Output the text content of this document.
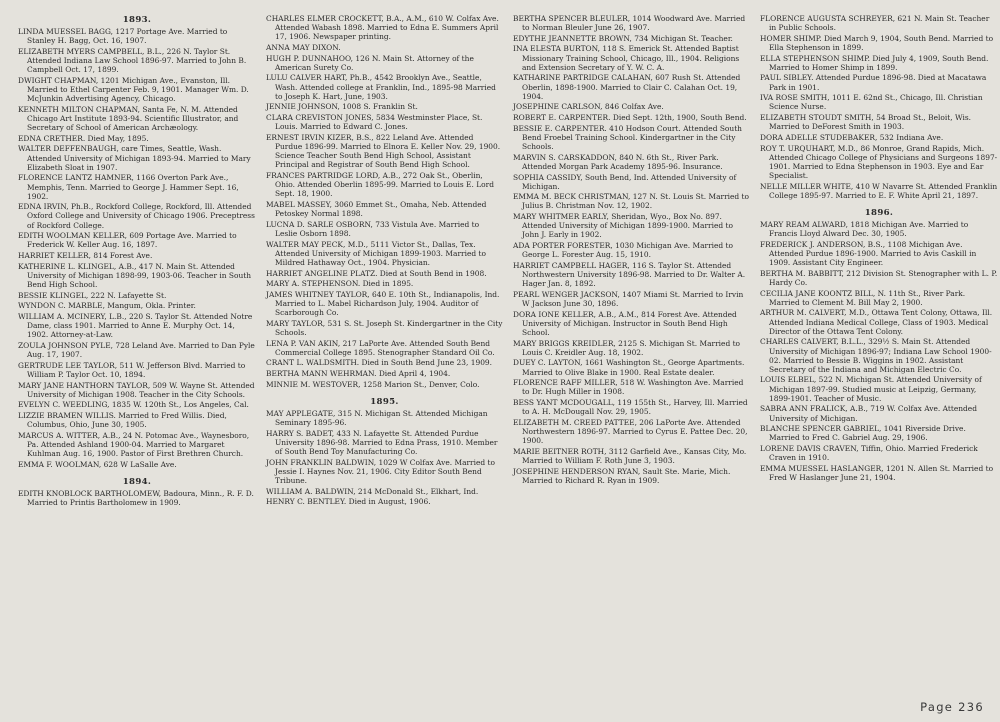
1893.

LINDA MUESSEL BAGG, 1217 Portage Ave. Married to Stanley H. Bagg, Oct. 16, 1907.

ELIZABETH MYERS CAMPBELL, B.L., 226 N. Taylor St. Attended Indiana Law School 1896-97. Married to John B. Campbell Oct. 17, 1899.

DWIGHT CHAPMAN, 1201 Michigan Ave., Evanston, Ill. Married to Ethel Carpenter Feb. 9, 1901. Manager Wm. D. McJunkin Advertising Agency, Chicago.

KENNETH MILTON CHAPMAN, Santa Fe, N. M. Attended Chicago Art Institute 1893-94. Scientific Illustrator, and Secretary of School of American Archæology.

EDNA CRETHER. Died May, 1895.

WALTER DEFFENBAUGH, care Times, Seattle, Wash. Attended University of Michigan 1893-94. Married to Mary Elizabeth Sloat in 1907.

FLORENCE LANTZ HAMNER, 1166 Overton Park Ave., Memphis, Tenn. Married to George J. Hammer Sept. 16, 1902.

EDNA IRVIN, Ph.B., Rockford College, Rockford, Ill. Attended Oxford College and University of Chicago 1906. Preceptress of Rockford College.

EDITH WOOLMAN KELLER, 609 Portage Ave. Married to Frederick W. Keller Aug. 16, 1897.

HARRIET KELLER, 814 Forest Ave.

KATHERINE L. KLINGEL, A.B., 417 N. Main St. Attended University of Michigan 1898-99, 1903-06. Teacher in South Bend High School.

BESSIE KLINGEL, 222 N. Lafayette St.

WYNDON C. MARBLE, Mangum, Okla. Printer.

WILLIAM A. MCINERY, L.B., 220 S. Taylor St. Attended Notre Dame, class 1901. Married to Anne E. Murphy Oct. 14, 1902. Attorney-at-Law.

ZOULA JOHNSON PYLE, 728 Leland Ave. Married to Dan Pyle Aug. 17, 1907.

GERTRUDE LEE TAYLOR, 511 W. Jefferson Blvd. Married to William P. Taylor Oct. 10, 1894.

MARY JANE HANTHORN TAYLOR, 509 W. Wayne St. Attended University of Michigan 1908. Teacher in the City Schools.

EVELYN C. WEEDLING, 1835 W. 120th St., Los Angeles, Cal.

LIZZIE BRAMEN WILLIS. Married to Fred Willis. Died, Columbus, Ohio, June 30, 1905.

MARCUS A. WITTER, A.B., 24 N. Potomac Ave., Waynesboro, Pa. Attended Ashland 1900-04. Married to Margaret Kuhlman Aug. 16, 1900. Pastor of First Brethren Church.

EMMA F. WOOLMAN, 628 W LaSalle Ave.

1894.

EDITH KNOBLOCK BARTHOLOMEW, Badoura, Minn., R. F. D. Married to Printis Bartholomew in 1909.

CHARLES ELMER CROCKETT, B.A., A.M., 610 W. Colfax Ave. Attended Wabash 1898. Married to Edna E. Summers April 17, 1906. Newspaper printing.

ANNA MAY DIXON.

HUGH P. DUNNAHOO, 126 N. Main St. Attorney of the American Surety Co.

LULU CALVER HART, Ph.B., 4542 Brooklyn Ave., Seattle, Wash. Attended college at Franklin, Ind., 1895-98 Married to Joseph K. Hart, June, 1903.

JENNIE JOHNSON, 1008 S. Franklin St.

CLARA CREVISTON JONES, 5834 Westminster Place, St. Louis. Married to Edward C. Jones.

ERNEST IRVIN KIZER, B.S., 822 Leland Ave. Attended Purdue 1896-99. Married to Elnora E. Keller Nov. 29, 1900. Science Teacher South Bend High School, Assistant Principal and Registrar of South Bend High School.

FRANCES PARTRIDGE LORD, A.B., 272 Oak St., Oberlin, Ohio. Attended Oberlin 1895-99. Married to Louis E. Lord Sept. 18, 1900.

MABEL MASSEY, 3060 Emmet St., Omaha, Neb. Attended Petoskey Normal 1898.

LUCNA D. SARLE OSBORN, 733 Vistula Ave. Married to Leslie Osborn 1898.

WALTER MAY PECK, M.D., 5111 Victor St., Dallas, Tex. Attended University of Michigan 1899-1903. Married to Mildred Hathaway Oct., 1904. Physician.

HARRIET ANGELINE PLATZ. Died at South Bend in 1908.

MARY A. STEPHENSON. Died in 1895.

JAMES WHITNEY TAYLOR, 640 E. 10th St., Indianapolis, Ind. Married to L. Mabel Richardson July, 1904. Auditor of Scarborough Co.

MARY TAYLOR, 531 S. St. Joseph St. Kindergartner in the City Schools.

LENA P. VAN AKIN, 217 LaPorte Ave. Attended South Bend Commercial College 1895. Stenographer Standard Oil Co.

CRANT L. WALDSMITH. Died in South Bend June 23, 1909.

BERTHA MANN WEHRMAN. Died April 4, 1904.

MINNIE M. WESTOVER, 1258 Marion St., Denver, Colo.

1895.

MAY APPLEGATE, 315 N. Michigan St. Attended Michigan Seminary 1895-96.

HARRY S. BADET, 433 N. Lafayette St. Attended Purdue University 1896-98. Married to Edna Prass, 1910. Member of South Bend Toy Manufacturing Co.

JOHN FRANKLIN BALDWIN, 1029 W Colfax Ave. Married to Jessie I. Haynes Nov. 21, 1906. City Editor South Bend Tribune.

WILLIAM A. BALDWIN, 214 McDonald St., Elkhart, Ind.

HENRY C. BENTLEY. Died in August, 1906.

BERTHA SPENCER BLEULER, 1014 Woodward Ave. Married to Norman Bleuler June 26, 1907.

EDYTHE JEANNETTE BROWN, 734 Michigan St. Teacher.

INA ELESTA BURTON, 118 S. Emerick St. Attended Baptist Missionary Training School, Chicago, Ill., 1904. Religions and Extension Secretary of Y. W. C. A.

KATHARINE PARTRIDGE CALAHAN, 607 Rush St. Attended Oberlin, 1898-1900. Married to Clair C. Calahan Oct. 19, 1904.

JOSEPHINE CARLSON, 846 Colfax Ave.

ROBERT E. CARPENTER. Died Sept. 12th, 1900, South Bend.

BESSIE E. CARPENTER. 410 Hodson Court. Attended South Bend Froebel Training School. Kindergartner in the City Schools.

MARVIN S. CARSKADDON, 840 N. 6th St., River Park. Attended Morgan Park Academy 1895-96. Insurance.

SOPHIA CASSIDY, South Bend, Ind. Attended University of Michigan.

EMMA M. BECK CHRISTMAN, 127 N. St. Louis St. Married to Julius B. Christman Nov. 12, 1902.

MARY WHITMER EARLY, Sheridan, Wyo., Box No. 897. Attended University of Michigan 1899-1900. Married to John J. Early in 1902.

ADA PORTER FORESTER, 1030 Michigan Ave. Married to George L. Forester Aug. 15, 1910.

HARRIET CAMPBELL HAGER, 116 S. Taylor St. Attended Northwestern University 1896-98. Married to Dr. Walter A. Hager Jan. 8, 1892.

PEARL WENGER JACKSON, 1407 Miami St. Married to Irvin W Jackson June 30, 1896.

DORA IONE KELLER, A.B., A.M., 814 Forest Ave. Attended University of Michigan. Instructor in South Bend High School.

MARY BRIGGS KREIDLER, 2125 S. Michigan St. Married to Louis C. Kreidler Aug. 18, 1902.

DUEY C. LAYTON, 1661 Washington St., George Apartments. Married to Olive Blake in 1900. Real Estate dealer.

FLORENCE RAFF MILLER, 518 W. Washington Ave. Married to Dr. Hugh Miller in 1908.

BESS YANT MCDOUGALL, 119 155th St., Harvey, Ill. Married to A. H. McDougall Nov. 29, 1905.

ELIZABETH M. CREED PATTEE, 206 LaPorte Ave. Attended Northwestern 1896-97. Married to Cyrus E. Pattee Dec. 20, 1900.

MARIE BEITNER ROTH, 3112 Garfield Ave., Kansas City, Mo. Married to William F. Roth June 3, 1903.

JOSEPHINE HENDERSON RYAN, Sault Ste. Marie, Mich. Married to Richard R. Ryan in 1909.

FLORENCE AUGUSTA SCHREYER, 621 N. Main St. Teacher in Public Schools.

HOMER SHIMP. Died March 9, 1904, South Bend. Married to Ella Stephenson in 1899.

ELLA STEPHENSON SHIMP. Died July 4, 1909, South Bend. Married to Homer Shimp in 1899.

PAUL SIBLEY. Attended Purdue 1896-98. Died at Macatawa Park in 1901.

IVA ROSE SMITH, 1011 E. 62nd St., Chicago, Ill. Christian Science Nurse.

ELIZABETH STOUDT SMITH, 54 Broad St., Beloit, Wis. Married to DeForest Smith in 1903.

DORA ADELLE STUDEBAKER, 532 Indiana Ave.

ROY T. URQUHART, M.D., 86 Monroe, Grand Rapids, Mich. Attended Chicago College of Physicians and Surgeons 1897-1901. Married to Edna Stephenson in 1903. Eye and Ear Specialist.

NELLE MILLER WHITE, 410 W Navarre St. Attended Franklin College 1895-97. Married to E. F. White April 21, 1897.

1896.

MARY REAM ALWARD, 1818 Michigan Ave. Married to Francis Lloyd Alward Dec. 30, 1905.

FREDERICK J. ANDERSON, B.S., 1108 Michigan Ave. Attended Purdue 1896-1900. Married to Avis Caskill in 1909. Assistant City Engineer.

BERTHA M. BABBITT, 212 Division St. Stenographer with L. P. Hardy Co.

CECILIA JANE KOONTZ BILL, N. 11th St., River Park. Married to Clement M. Bill May 2, 1900.

ARTHUR M. CALVERT, M.D., Ottawa Tent Colony, Ottawa, Ill. Attended Indiana Medical College, Class of 1903. Medical Director of the Ottawa Tent Colony.

CHARLES CALVERT, B.L.L., 329½ S. Main St. Attended University of Michigan 1896-97; Indiana Law School 1900-02. Married to Bessie B. Wiggins in 1902. Assistant Secretary of the Indiana and Michigan Electric Co.

LOUIS ELBEL, 522 N. Michigan St. Attended University of Michigan 1897-99. Studied music at Leipzig, Germany, 1899-1901. Teacher of Music.

SABRA ANN FRALICK, A.B., 719 W. Colfax Ave. Attended University of Michigan.

BLANCHE SPENCER GABRIEL, 1041 Riverside Drive. Married to Fred C. Gabriel Aug. 29, 1906.

LORENE DAVIS CRAVEN, Tiffin, Ohio. Married Frederick Craven in 1910.

EMMA MUESSEL HASLANGER, 1201 N. Allen St. Married to Fred W Haslanger June 21, 1904.

Page 236
